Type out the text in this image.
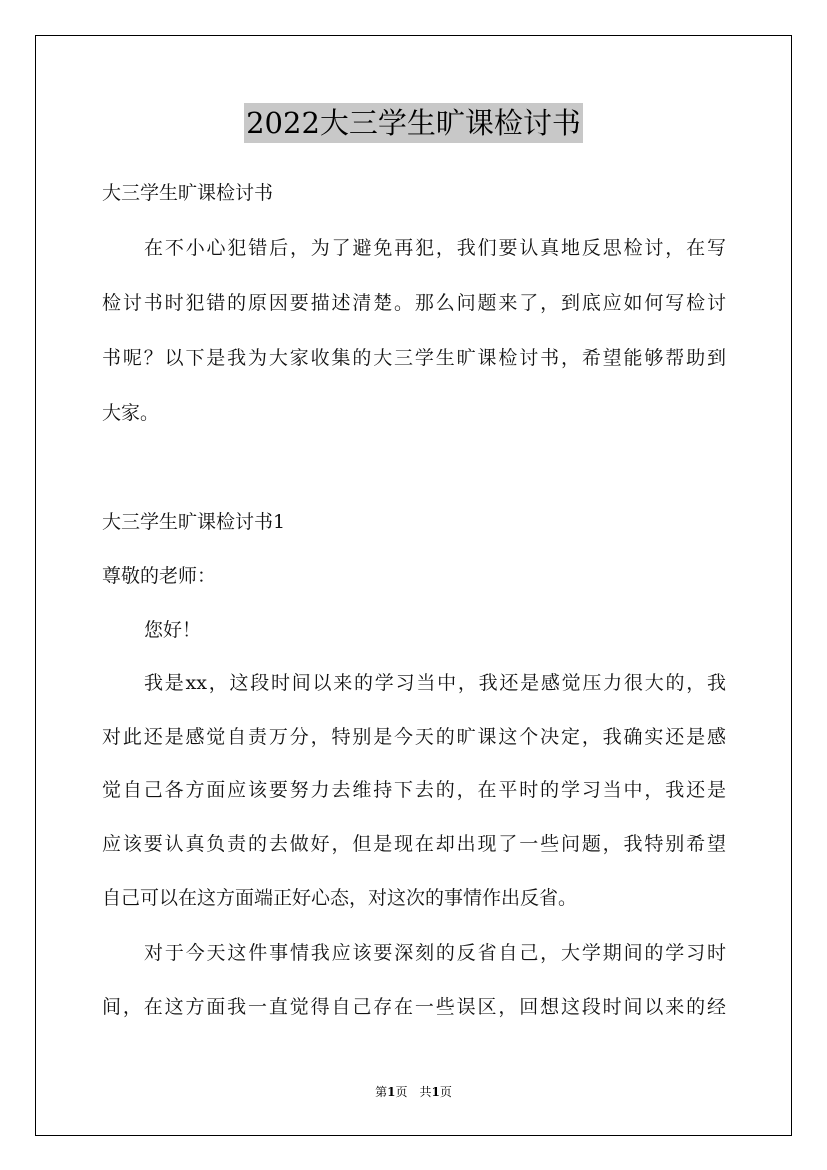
2022大三学生旷课检讨书
大三学生旷课检讨书
在不小心犯错后，为了避免再犯，我们要认真地反思检讨，在写
检讨书时犯错的原因要描述清楚。那么问题来了，到底应如何写检讨
书呢？以下是我为大家收集的大三学生旷课检讨书，希望能够帮助到
大家。
大三学生旷课检讨书1
尊敬的老师：
您好！
我是xx，这段时间以来的学习当中，我还是感觉压力很大的，我
对此还是感觉自责万分，特别是今天的旷课这个决定，我确实还是感
觉自己各方面应该要努力去维持下去的，在平时的学习当中，我还是
应该要认真负责的去做好，但是现在却出现了一些问题，我特别希望
自己可以在这方面端正好心态，对这次的事情作出反省。
对于今天这件事情我应该要深刻的反省自己，大学期间的学习时
间，在这方面我一直觉得自己存在一些误区，回想这段时间以来的经
第1页　共1页
